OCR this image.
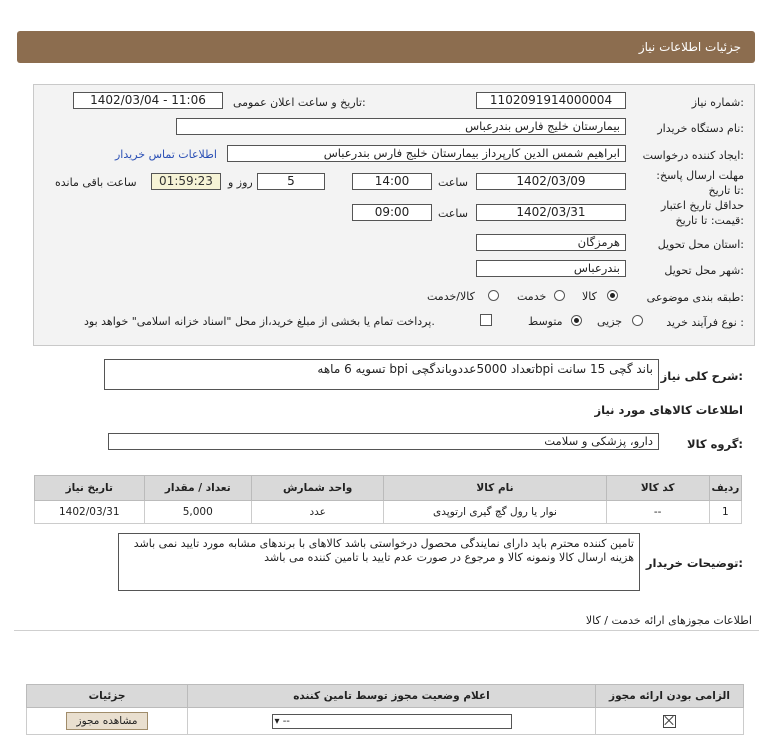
جزئیات اطلاعات نیاز
شماره نیاز:
1102091914000004
تاریخ و ساعت اعلان عمومی:
1402/03/04 - 11:06
نام دستگاه خریدار:
بیمارستان خلیج فارس بندرعباس
ایجاد کننده درخواست:
ابراهیم شمس الدین کارپرداز بیمارستان خلیج فارس بندرعباس
اطلاعات تماس خریدار
مهلت ارسال پاسخ: تا تاریخ:
1402/03/09
ساعت
14:00
5
روز و
01:59:23
ساعت باقی مانده
حداقل تاریخ اعتبار قیمت: تا تاریخ:
1402/03/31
ساعت
09:00
استان محل تحویل:
هرمزگان
شهر محل تحویل:
بندرعباس
طبقه بندی موضوعی:
کالا
خدمت
کالا/خدمت
نوع فرآیند خرید :
جزیی
متوسط
پرداخت تمام یا بخشی از مبلغ خرید،از محل "اسناد خزانه اسلامی" خواهد بود.
شرح کلی نیاز:
باند گچی 15 سانت bpiتعداد 5000عددوباندگچی bpi تسویه 6 ماهه
اطلاعات کالاهای مورد نیاز
گروه کالا:
دارو، پزشکی و سلامت
ردیف	کد کالا	نام کالا	واحد شمارش	تعداد / مقدار	تاریخ نیاز
1	--	نوار یا رول گچ گیری ارتوپدی	عدد	5,000	1402/03/31
توضیحات خریدار:
تامین کننده محترم باید دارای نمایندگی محصول درخواستی باشد کالاهای با برندهای مشابه مورد تایید نمی باشد هزینه ارسال کالا ونمونه کالا و مرجوع در صورت عدم تایید با تامین کننده می باشد
اطلاعات مجوزهای ارائه خدمت / کالا
الزامی بودن ارائه مجوز	اعلام وضعیت مجوز توسط تامین کننده	جزئیات
	-- ▾	مشاهده مجوز
